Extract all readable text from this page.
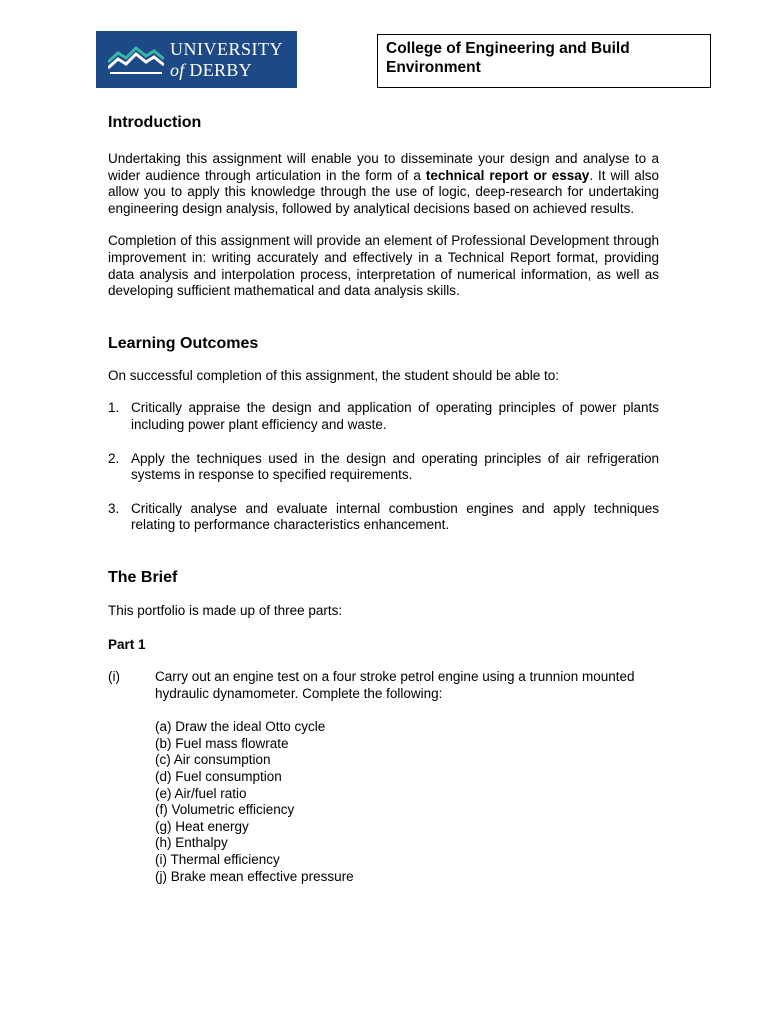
UNIVERSITY
of DERBY
College of Engineering and Build
Environment
Introduction

Undertaking this assignment will enable you to disseminate your design and analyse to a wider audience through articulation in the form of a technical report or essay. It will also allow you to apply this knowledge through the use of logic, deep-research for undertaking engineering design analysis, followed by analytical decisions based on achieved results.

Completion of this assignment will provide an element of Professional Development through improvement in: writing accurately and effectively in a Technical Report format, providing data analysis and interpolation process, interpretation of numerical information, as well as developing sufficient mathematical and data analysis skills.

Learning Outcomes

On successful completion of this assignment, the student should be able to:

1. Critically appraise the design and application of operating principles of power plants including power plant efficiency and waste.
2. Apply the techniques used in the design and operating principles of air refrigeration systems in response to specified requirements.
3. Critically analyse and evaluate internal combustion engines and apply techniques relating to performance characteristics enhancement.
The Brief

This portfolio is made up of three parts:

Part 1

(i)	Carry out an engine test on a four stroke petrol engine using a trunnion mounted hydraulic dynamometer. Complete the following:
(a) Draw the ideal Otto cycle
(b) Fuel mass flowrate
(c) Air consumption
(d) Fuel consumption
(e) Air/fuel ratio
(f) Volumetric efficiency
(g) Heat energy
(h) Enthalpy
(i) Thermal efficiency
(j) Brake mean effective pressure
